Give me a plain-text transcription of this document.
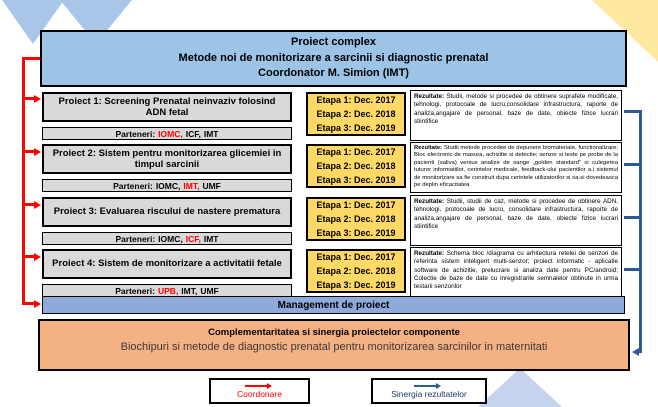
Proiect complex
Metode noi de monitorizare a sarcinii si diagnostic prenatal
Coordonator M. Simion (IMT)
Proiect 1: Screening Prenatal neinvaziv folosind ADN fetal
Parteneri: IOMC, ICF, IMT
Etapa 1: Dec. 2017
Etapa 2: Dec. 2018
Etapa 3: Dec. 2019
Rezultate: Studii, metode si procedee de obtinere suprafete modificate, tehnologi, protocoale de lucru,consolidare infrastructura, raporte de analiza,angajare de personal, baze de date, obiecte fizice lucrari stiintifice
Proiect 2: Sistem pentru monitorizarea glicemiei in timpul sarcinii
Parteneri: IOMC, IMT, UMF
Etapa 1: Dec. 2017
Etapa 2: Dec. 2018
Etapa 3: Dec. 2019
Rezultate: Studii metode procedee de depunere biomateriale, functionalizare; Bloc electronic de masura, achizitie si detectie; senzor si teste pe probe de la pacienti (saliva) versus analize de sange „golden standard” si culegerea tuturor informatiilor, cerintelor medicale, feedback-ului pacientilor a.i sistemul de monitorizare sa fie construit dupa cerintele utilizatorilor si sa-si dovedeasca pe deplin eficacitatea
Proiect 3: Evaluarea riscului de nastere prematura
Parteneri: IOMC, ICF, IMT
Etapa 1: Dec. 2017
Etapa 2: Dec. 2018
Etapa 3: Dec. 2019
Rezultate: Studii, studii de caz, metode si procedee de obtinere ADN, tehnologi, protocoale de lucru, consolidare infrastructura, raporte de analiza,angajare de personal, baze de date, obiecte fizice lucrari stiintifice
Proiect 4: Sistem de monitorizare a activitatii fetale
Parteneri: UPB, IMT, UMF
Etapa 1: Dec. 2017
Etapa 2: Dec. 2018
Etapa 3: Dec. 2019
Rezultate: Schema bloc /diagrama cu arhitectura retelei de senzori de referinta sistem inteligent multi-senzor; proiect informatic - aplicatie software de achizitie, prelucrare si analiza date pentru PC/android; Colectie de baze de date cu inregistrarile semnalelor obtinute in urma testarii senzorilor
Management de proiect
Complementaritatea si sinergia proiectelor componente
Biochipuri si metode de diagnostic prenatal pentru monitorizarea sarcinilor in maternitati
Coordonare	Sinergia rezultatelor
